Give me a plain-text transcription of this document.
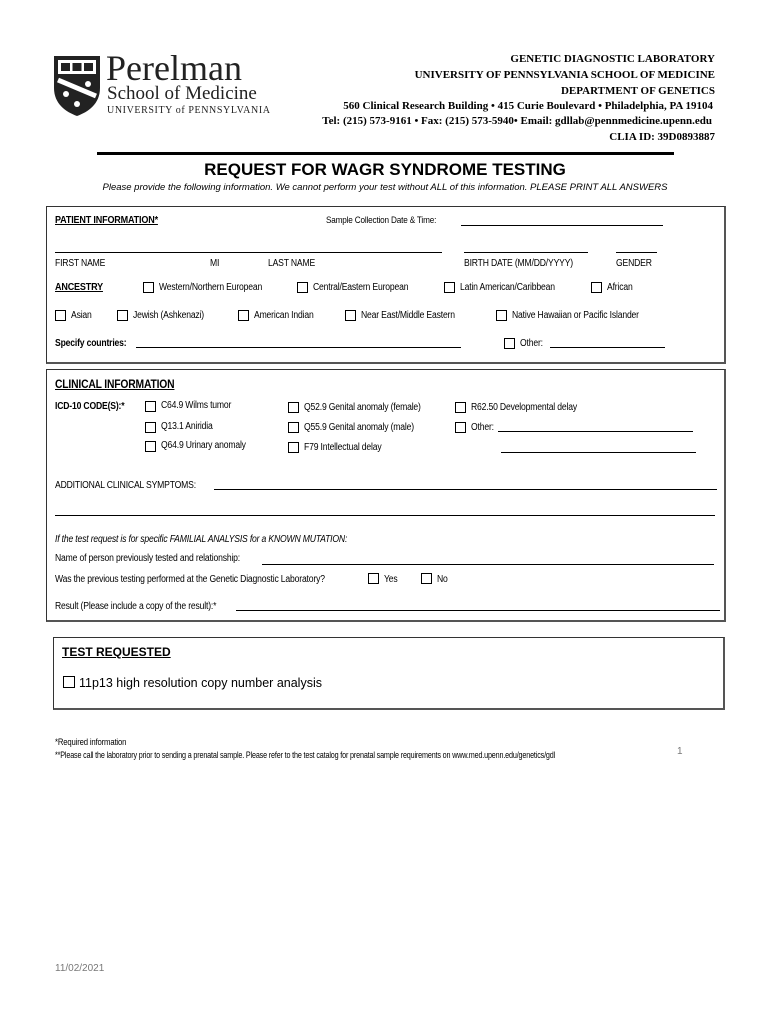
Perelman
School of Medicine
UNIVERSITY of PENNSYLVANIA
GENETIC DIAGNOSTIC LABORATORY
UNIVERSITY OF PENNSYLVANIA SCHOOL OF MEDICINE
DEPARTMENT OF GENETICS
560 Clinical Research Building • 415 Curie Boulevard • Philadelphia, PA 19104
Tel: (215) 573-9161 • Fax: (215) 573-5940• Email: gdllab@pennmedicine.upenn.edu
CLIA ID: 39D0893887
REQUEST FOR WAGR SYNDROME TESTING
Please provide the following information. We cannot perform your test without ALL of this information. PLEASE PRINT ALL ANSWERS
PATIENT INFORMATION*	Sample Collection Date & Time:
FIRST NAME	MI	LAST NAME	BIRTH DATE (MM/DD/YYYY)	GENDER
ANCESTRY	Western/Northern European	Central/Eastern European	Latin American/Caribbean	African
Asian	Jewish (Ashkenazi)	American Indian	Near East/Middle Eastern	Native Hawaiian or Pacific Islander
Specify countries:	Other:
CLINICAL INFORMATION
ICD-10 CODE(S):*	C64.9 Wilms tumor
Q13.1 Aniridia
Q64.9 Urinary anomaly
Q52.9 Genital anomaly (female)
Q55.9 Genital anomaly (male)
F79 Intellectual delay
R62.50 Developmental delay
Other:
ADDITIONAL CLINICAL SYMPTOMS:
If the test request is for specific FAMILIAL ANALYSIS for a KNOWN MUTATION:
Name of person previously tested and relationship:
Was the previous testing performed at the Genetic Diagnostic Laboratory?	Yes	No
Result (Please include a copy of the result):*
TEST REQUESTED
11p13 high resolution copy number analysis
*Required information
**Please call the laboratory prior to sending a prenatal sample. Please refer to the test catalog for prenatal sample requirements on www.med.upenn.edu/genetics/gdl	1
11/02/2021
